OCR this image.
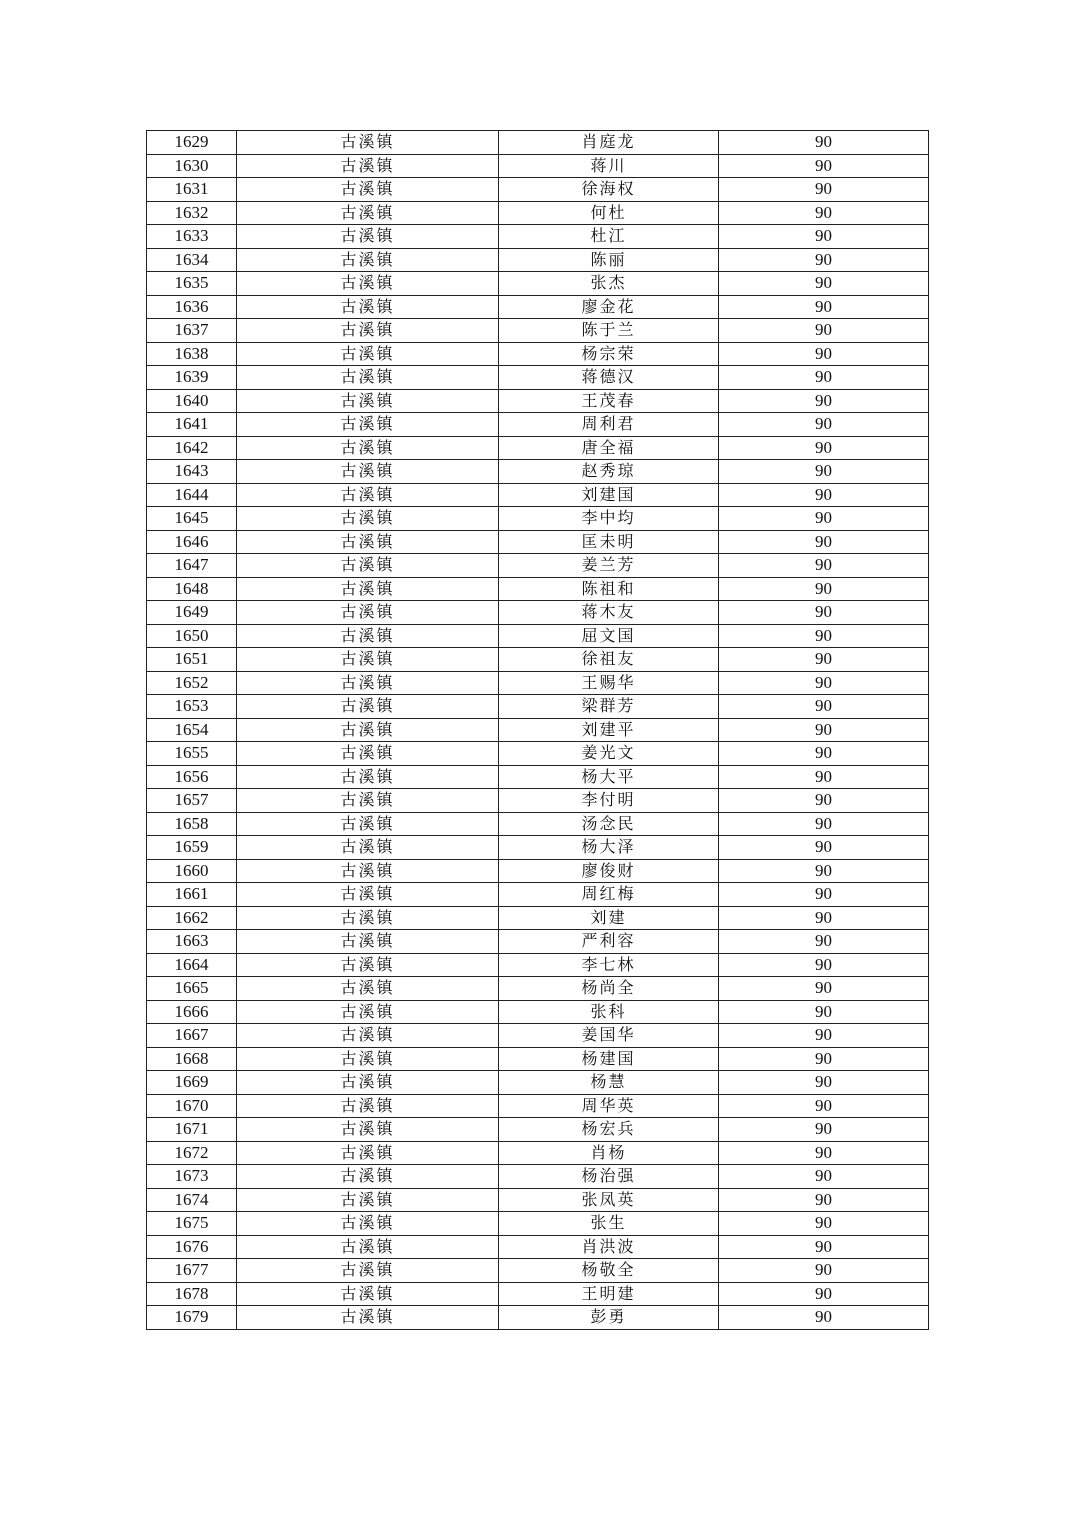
1629	古溪镇	肖庭龙	90
1630	古溪镇	蒋川	90
1631	古溪镇	徐海权	90
1632	古溪镇	何杜	90
1633	古溪镇	杜江	90
1634	古溪镇	陈丽	90
1635	古溪镇	张杰	90
1636	古溪镇	廖金花	90
1637	古溪镇	陈于兰	90
1638	古溪镇	杨宗荣	90
1639	古溪镇	蒋德汉	90
1640	古溪镇	王茂春	90
1641	古溪镇	周利君	90
1642	古溪镇	唐全福	90
1643	古溪镇	赵秀琼	90
1644	古溪镇	刘建国	90
1645	古溪镇	李中均	90
1646	古溪镇	匡未明	90
1647	古溪镇	姜兰芳	90
1648	古溪镇	陈祖和	90
1649	古溪镇	蒋木友	90
1650	古溪镇	屈文国	90
1651	古溪镇	徐祖友	90
1652	古溪镇	王赐华	90
1653	古溪镇	梁群芳	90
1654	古溪镇	刘建平	90
1655	古溪镇	姜光文	90
1656	古溪镇	杨大平	90
1657	古溪镇	李付明	90
1658	古溪镇	汤念民	90
1659	古溪镇	杨大泽	90
1660	古溪镇	廖俊财	90
1661	古溪镇	周红梅	90
1662	古溪镇	刘建	90
1663	古溪镇	严利容	90
1664	古溪镇	李七林	90
1665	古溪镇	杨尚全	90
1666	古溪镇	张科	90
1667	古溪镇	姜国华	90
1668	古溪镇	杨建国	90
1669	古溪镇	杨慧	90
1670	古溪镇	周华英	90
1671	古溪镇	杨宏兵	90
1672	古溪镇	肖杨	90
1673	古溪镇	杨治强	90
1674	古溪镇	张凤英	90
1675	古溪镇	张生	90
1676	古溪镇	肖洪波	90
1677	古溪镇	杨敬全	90
1678	古溪镇	王明建	90
1679	古溪镇	彭勇	90
